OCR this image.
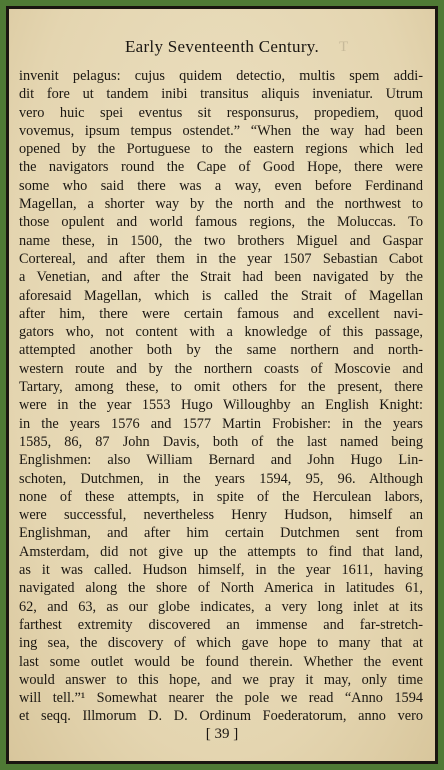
Early Seventeenth Century.	T
invenit pelagus: cujus quidem detectio, multis spem addi-
dit fore ut tandem inibi transitus aliquis inveniatur. Utrum
vero huic spei eventus sit responsurus, propediem, quod
vovemus, ipsum tempus ostendet.” “When the way had been
opened by the Portuguese to the eastern regions which led
the navigators round the Cape of Good Hope, there were
some who said there was a way, even before Ferdinand
Magellan, a shorter way by the north and the northwest to
those opulent and world famous regions, the Moluccas. To
name these, in 1500, the two brothers Miguel and Gaspar
Cortereal, and after them in the year 1507 Sebastian Cabot
a Venetian, and after the Strait had been navigated by the
aforesaid Magellan, which is called the Strait of Magellan
after him, there were certain famous and excellent navi-
gators who, not content with a knowledge of this passage,
attempted another both by the same northern and north-
western route and by the northern coasts of Moscovie and
Tartary, among these, to omit others for the present, there
were in the year 1553 Hugo Willoughby an English Knight:
in the years 1576 and 1577 Martin Frobisher: in the years
1585, 86, 87 John Davis, both of the last named being
Englishmen: also William Bernard and John Hugo Lin-
schoten, Dutchmen, in the years 1594, 95, 96. Although
none of these attempts, in spite of the Herculean labors,
were successful, nevertheless Henry Hudson, himself an
Englishman, and after him certain Dutchmen sent from
Amsterdam, did not give up the attempts to find that land,
as it was called. Hudson himself, in the year 1611, having
navigated along the shore of North America in latitudes 61,
62, and 63, as our globe indicates, a very long inlet at its
farthest extremity discovered an immense and far-stretch-
ing sea, the discovery of which gave hope to many that at
last some outlet would be found therein. Whether the event
would answer to this hope, and we pray it may, only time
will tell.”¹ Somewhat nearer the pole we read “Anno 1594
et seqq. Illmorum D. D. Ordinum Foederatorum, anno vero
[ 39 ]
